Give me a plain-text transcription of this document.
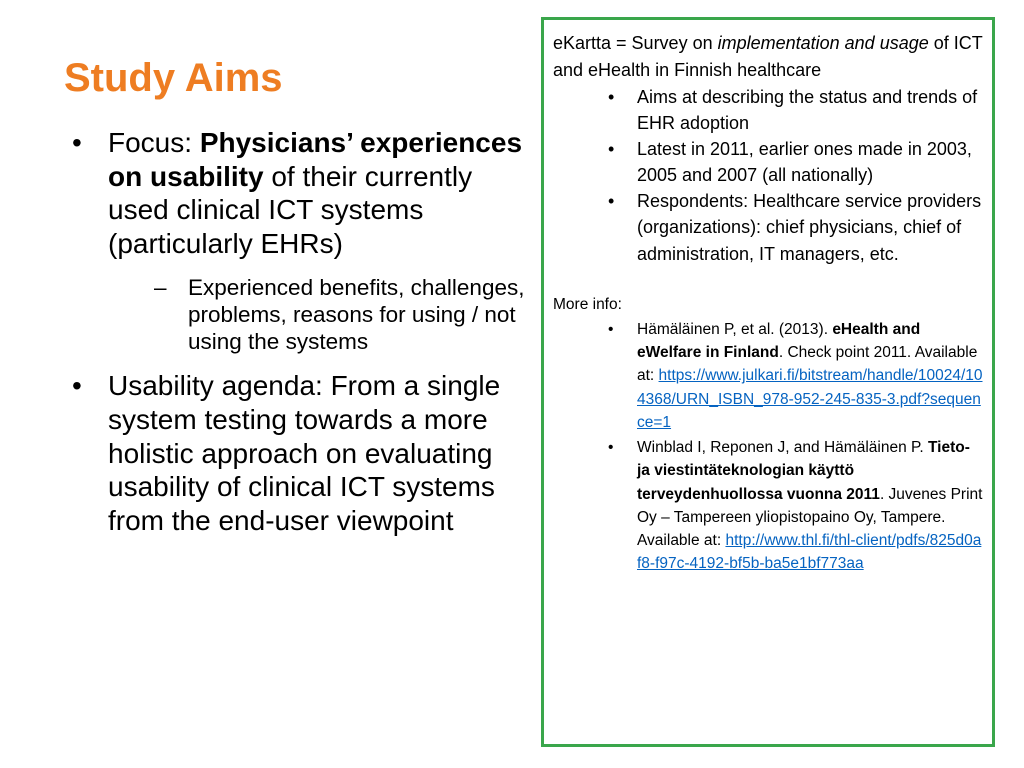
Study Aims
• Focus: Physicians’ experiences on usability of their currently used clinical ICT systems (particularly EHRs)
– Experienced benefits, challenges, problems, reasons for using / not using the systems
• Usability agenda: From a single system testing towards a more holistic approach on evaluating usability of clinical ICT systems from the end-user viewpoint
eKartta = Survey on implementation and usage of ICT and eHealth in Finnish healthcare
• Aims at describing the status and trends of EHR adoption
• Latest in 2011, earlier ones made in 2003, 2005 and 2007 (all nationally)
• Respondents: Healthcare service providers (organizations): chief physicians, chief of administration, IT managers, etc.
More info:
• Hämäläinen P, et al. (2013). eHealth and eWelfare in Finland. Check point 2011. Available at: https://www.julkari.fi/bitstream/handle/10024/104368/URN_ISBN_978-952-245-835-3.pdf?sequence=1
• Winblad I, Reponen J, and Hämäläinen P. Tieto- ja viestintäteknologian käyttö terveydenhuollossa vuonna 2011. Juvenes Print Oy – Tampereen yliopistopaino Oy, Tampere. Available at: http://www.thl.fi/thl-client/pdfs/825d0af8-f97c-4192-bf5b-ba5e1bf773aa
